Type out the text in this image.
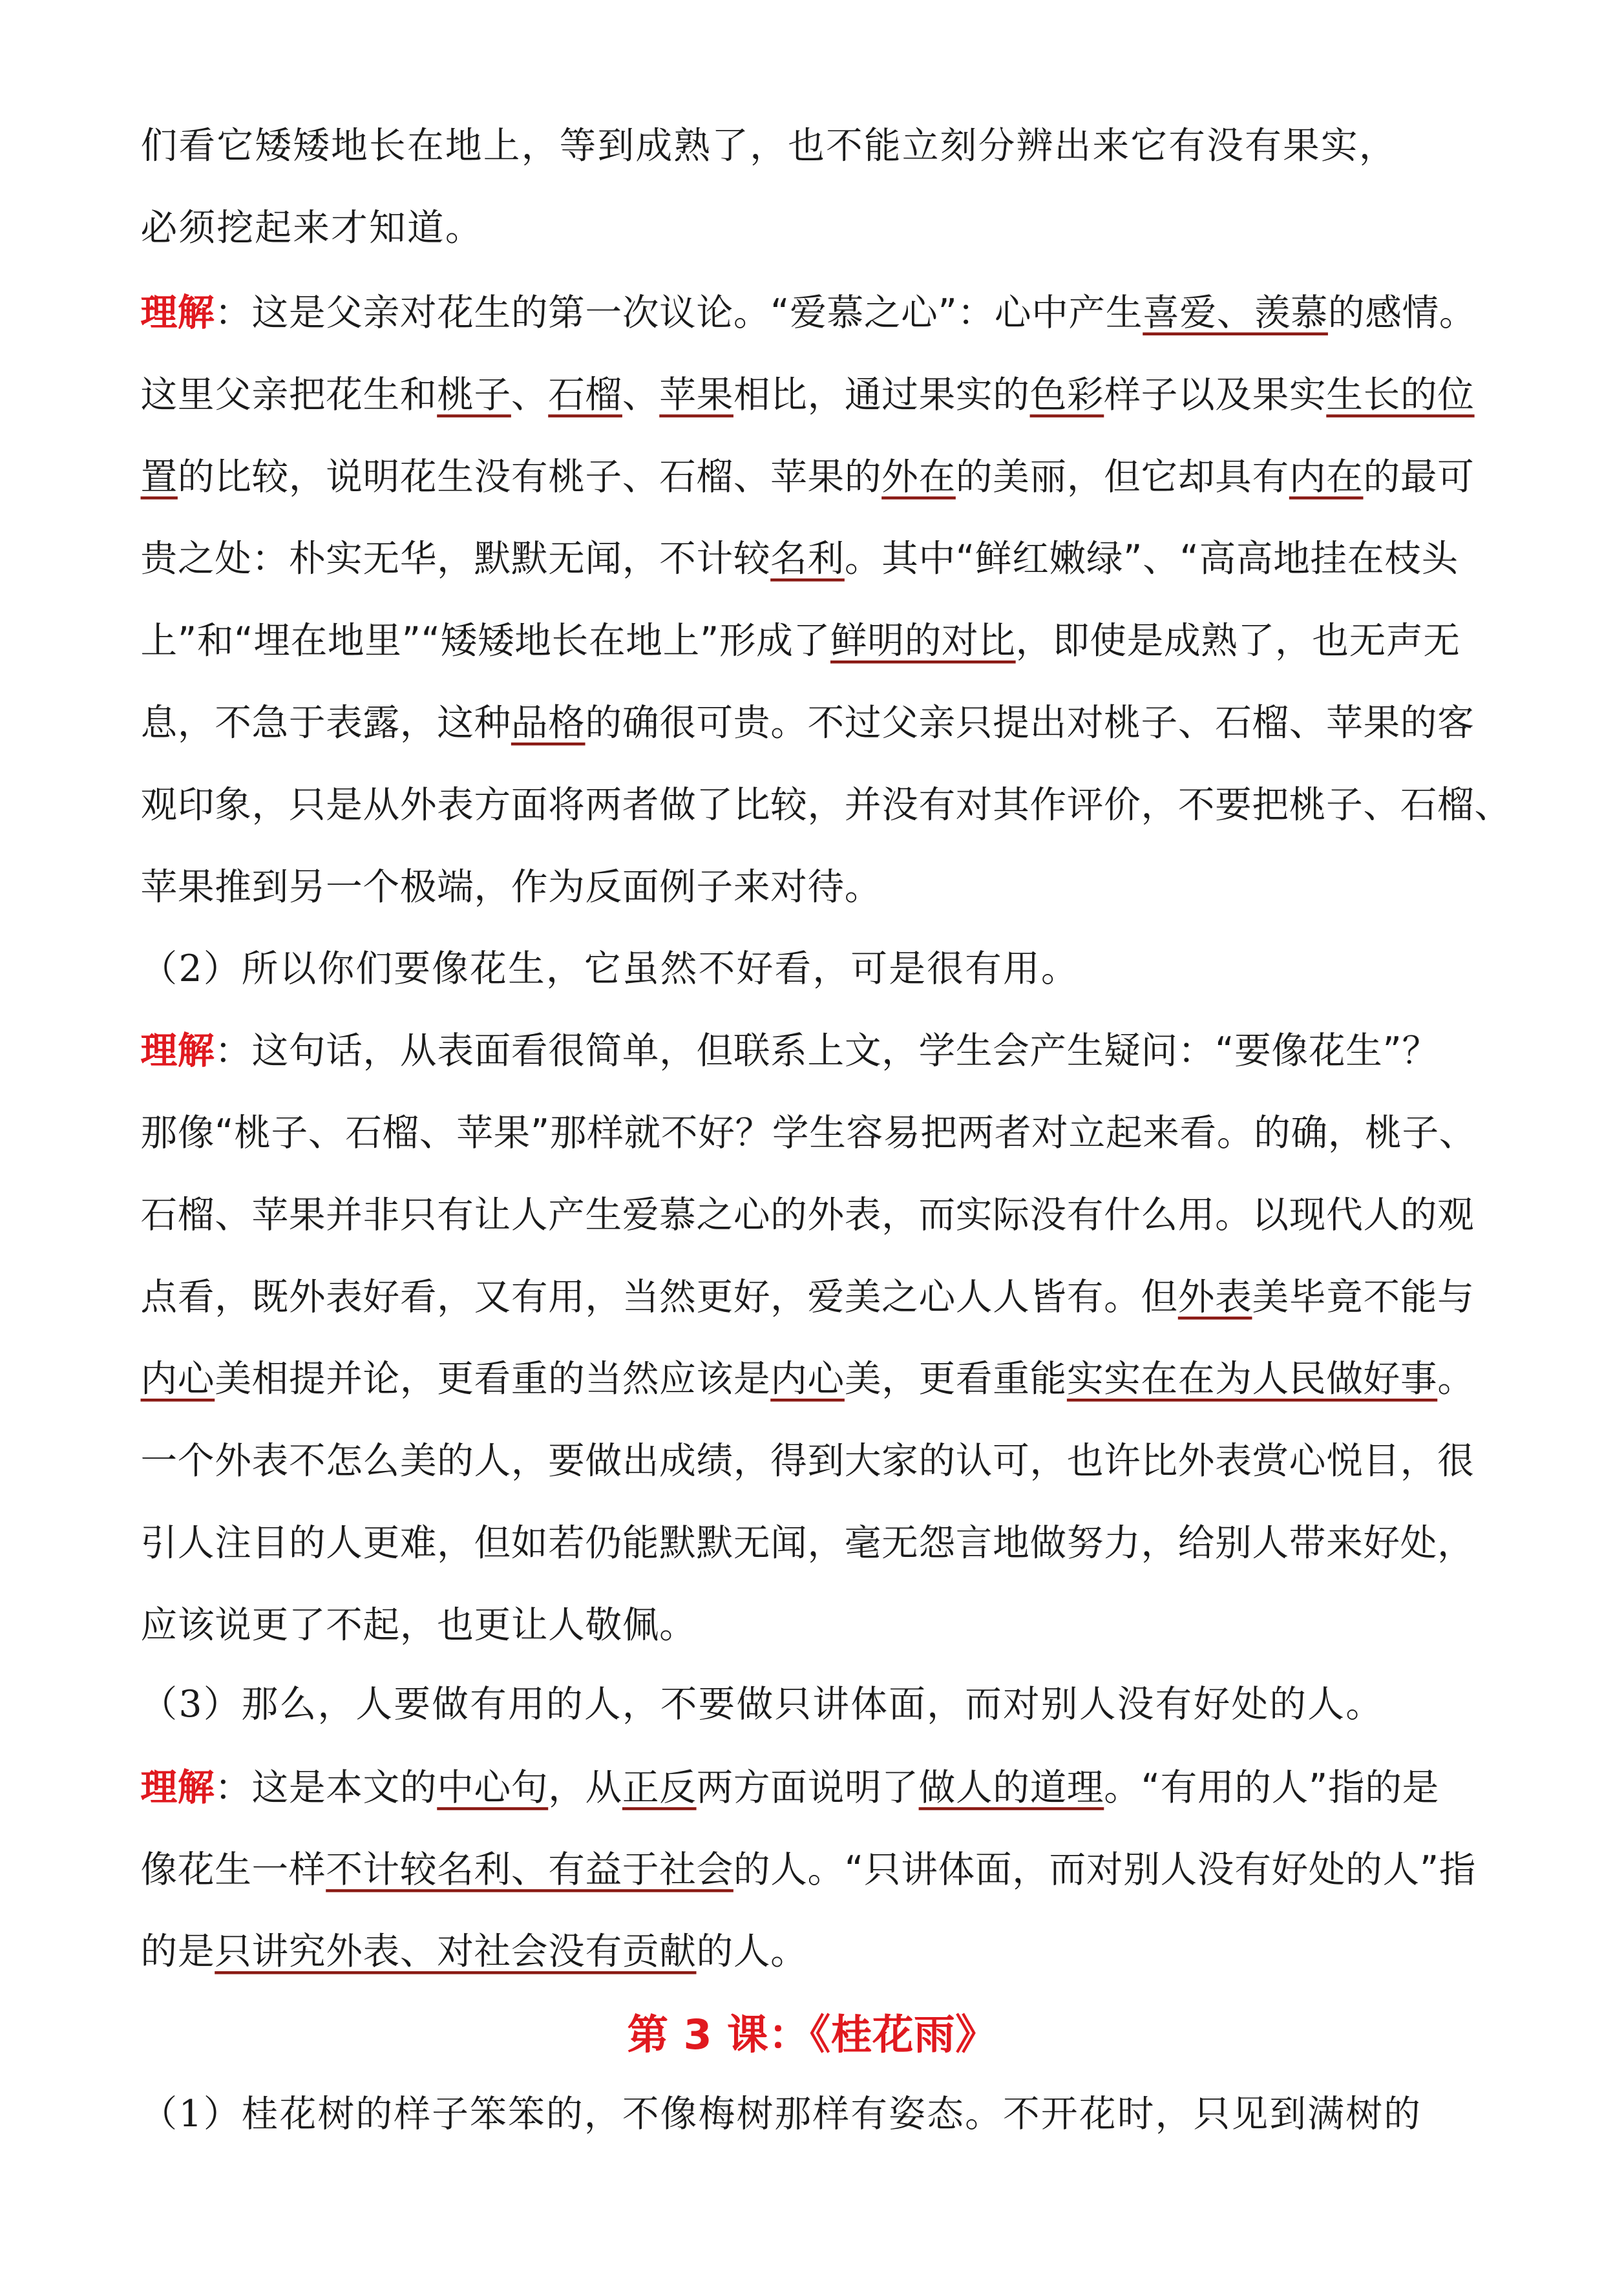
们看它矮矮地长在地上，等到成熟了，也不能立刻分辨出来它有没有果实，
必须挖起来才知道。
理解：这是父亲对花生的第一次议论。“爱慕之心”：心中产生喜爱、羡慕的感情。
这里父亲把花生和桃子、石榴、苹果相比，通过果实的色彩样子以及果实生长的位
置的比较，说明花生没有桃子、石榴、苹果的外在的美丽，但它却具有内在的最可
贵之处：朴实无华，默默无闻，不计较名利。其中“鲜红嫩绿”、“高高地挂在枝头
上”和“埋在地里”“矮矮地长在地上”形成了鲜明的对比，即使是成熟了，也无声无
息，不急于表露，这种品格的确很可贵。不过父亲只提出对桃子、石榴、苹果的客
观印象，只是从外表方面将两者做了比较，并没有对其作评价，不要把桃子、石榴、
苹果推到另一个极端，作为反面例子来对待。
（2）所以你们要像花生，它虽然不好看，可是很有用。
理解：这句话，从表面看很简单，但联系上文，学生会产生疑问：“要像花生”？
那像“桃子、石榴、苹果”那样就不好？学生容易把两者对立起来看。的确，桃子、
石榴、苹果并非只有让人产生爱慕之心的外表，而实际没有什么用。以现代人的观
点看，既外表好看，又有用，当然更好，爱美之心人人皆有。但外表美毕竟不能与
内心美相提并论，更看重的当然应该是内心美，更看重能实实在在为人民做好事。
一个外表不怎么美的人，要做出成绩，得到大家的认可，也许比外表赏心悦目，很
引人注目的人更难，但如若仍能默默无闻，毫无怨言地做努力，给别人带来好处，
应该说更了不起，也更让人敬佩。
（3）那么，人要做有用的人，不要做只讲体面，而对别人没有好处的人。
理解：这是本文的中心句，从正反两方面说明了做人的道理。“有用的人”指的是
像花生一样不计较名利、有益于社会的人。“只讲体面，而对别人没有好处的人”指
的是只讲究外表、对社会没有贡献的人。
第 3 课：《桂花雨》
（1）桂花树的样子笨笨的，不像梅树那样有姿态。不开花时，只见到满树的
